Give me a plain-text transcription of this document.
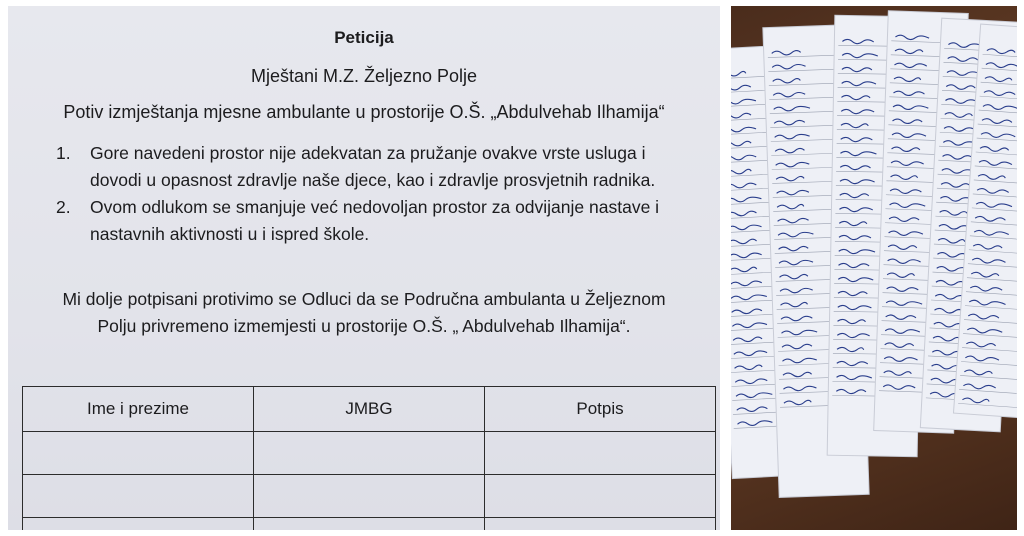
Peticija
Mještani M.Z. Željezno Polje
Potiv izmještanja mjesne ambulante u prostorije O.Š. „Abdulvehab Ilhamija“
1. Gore navedeni prostor nije adekvatan za pružanje ovakve vrste usluga i dovodi u opasnost zdravlje naše djece, kao i zdravlje prosvjetnih radnika.
2. Ovom odlukom se smanjuje već nedovoljan prostor za odvijanje nastave i nastavnih aktivnosti u i ispred škole.
Mi dolje potpisani protivimo se Odluci da se Područna ambulanta u Željeznom
Polju privremeno izmemjesti u prostorije O.Š. „ Abdulvehab Ilhamija“.
Ime i prezime	JMBG	Potpis
